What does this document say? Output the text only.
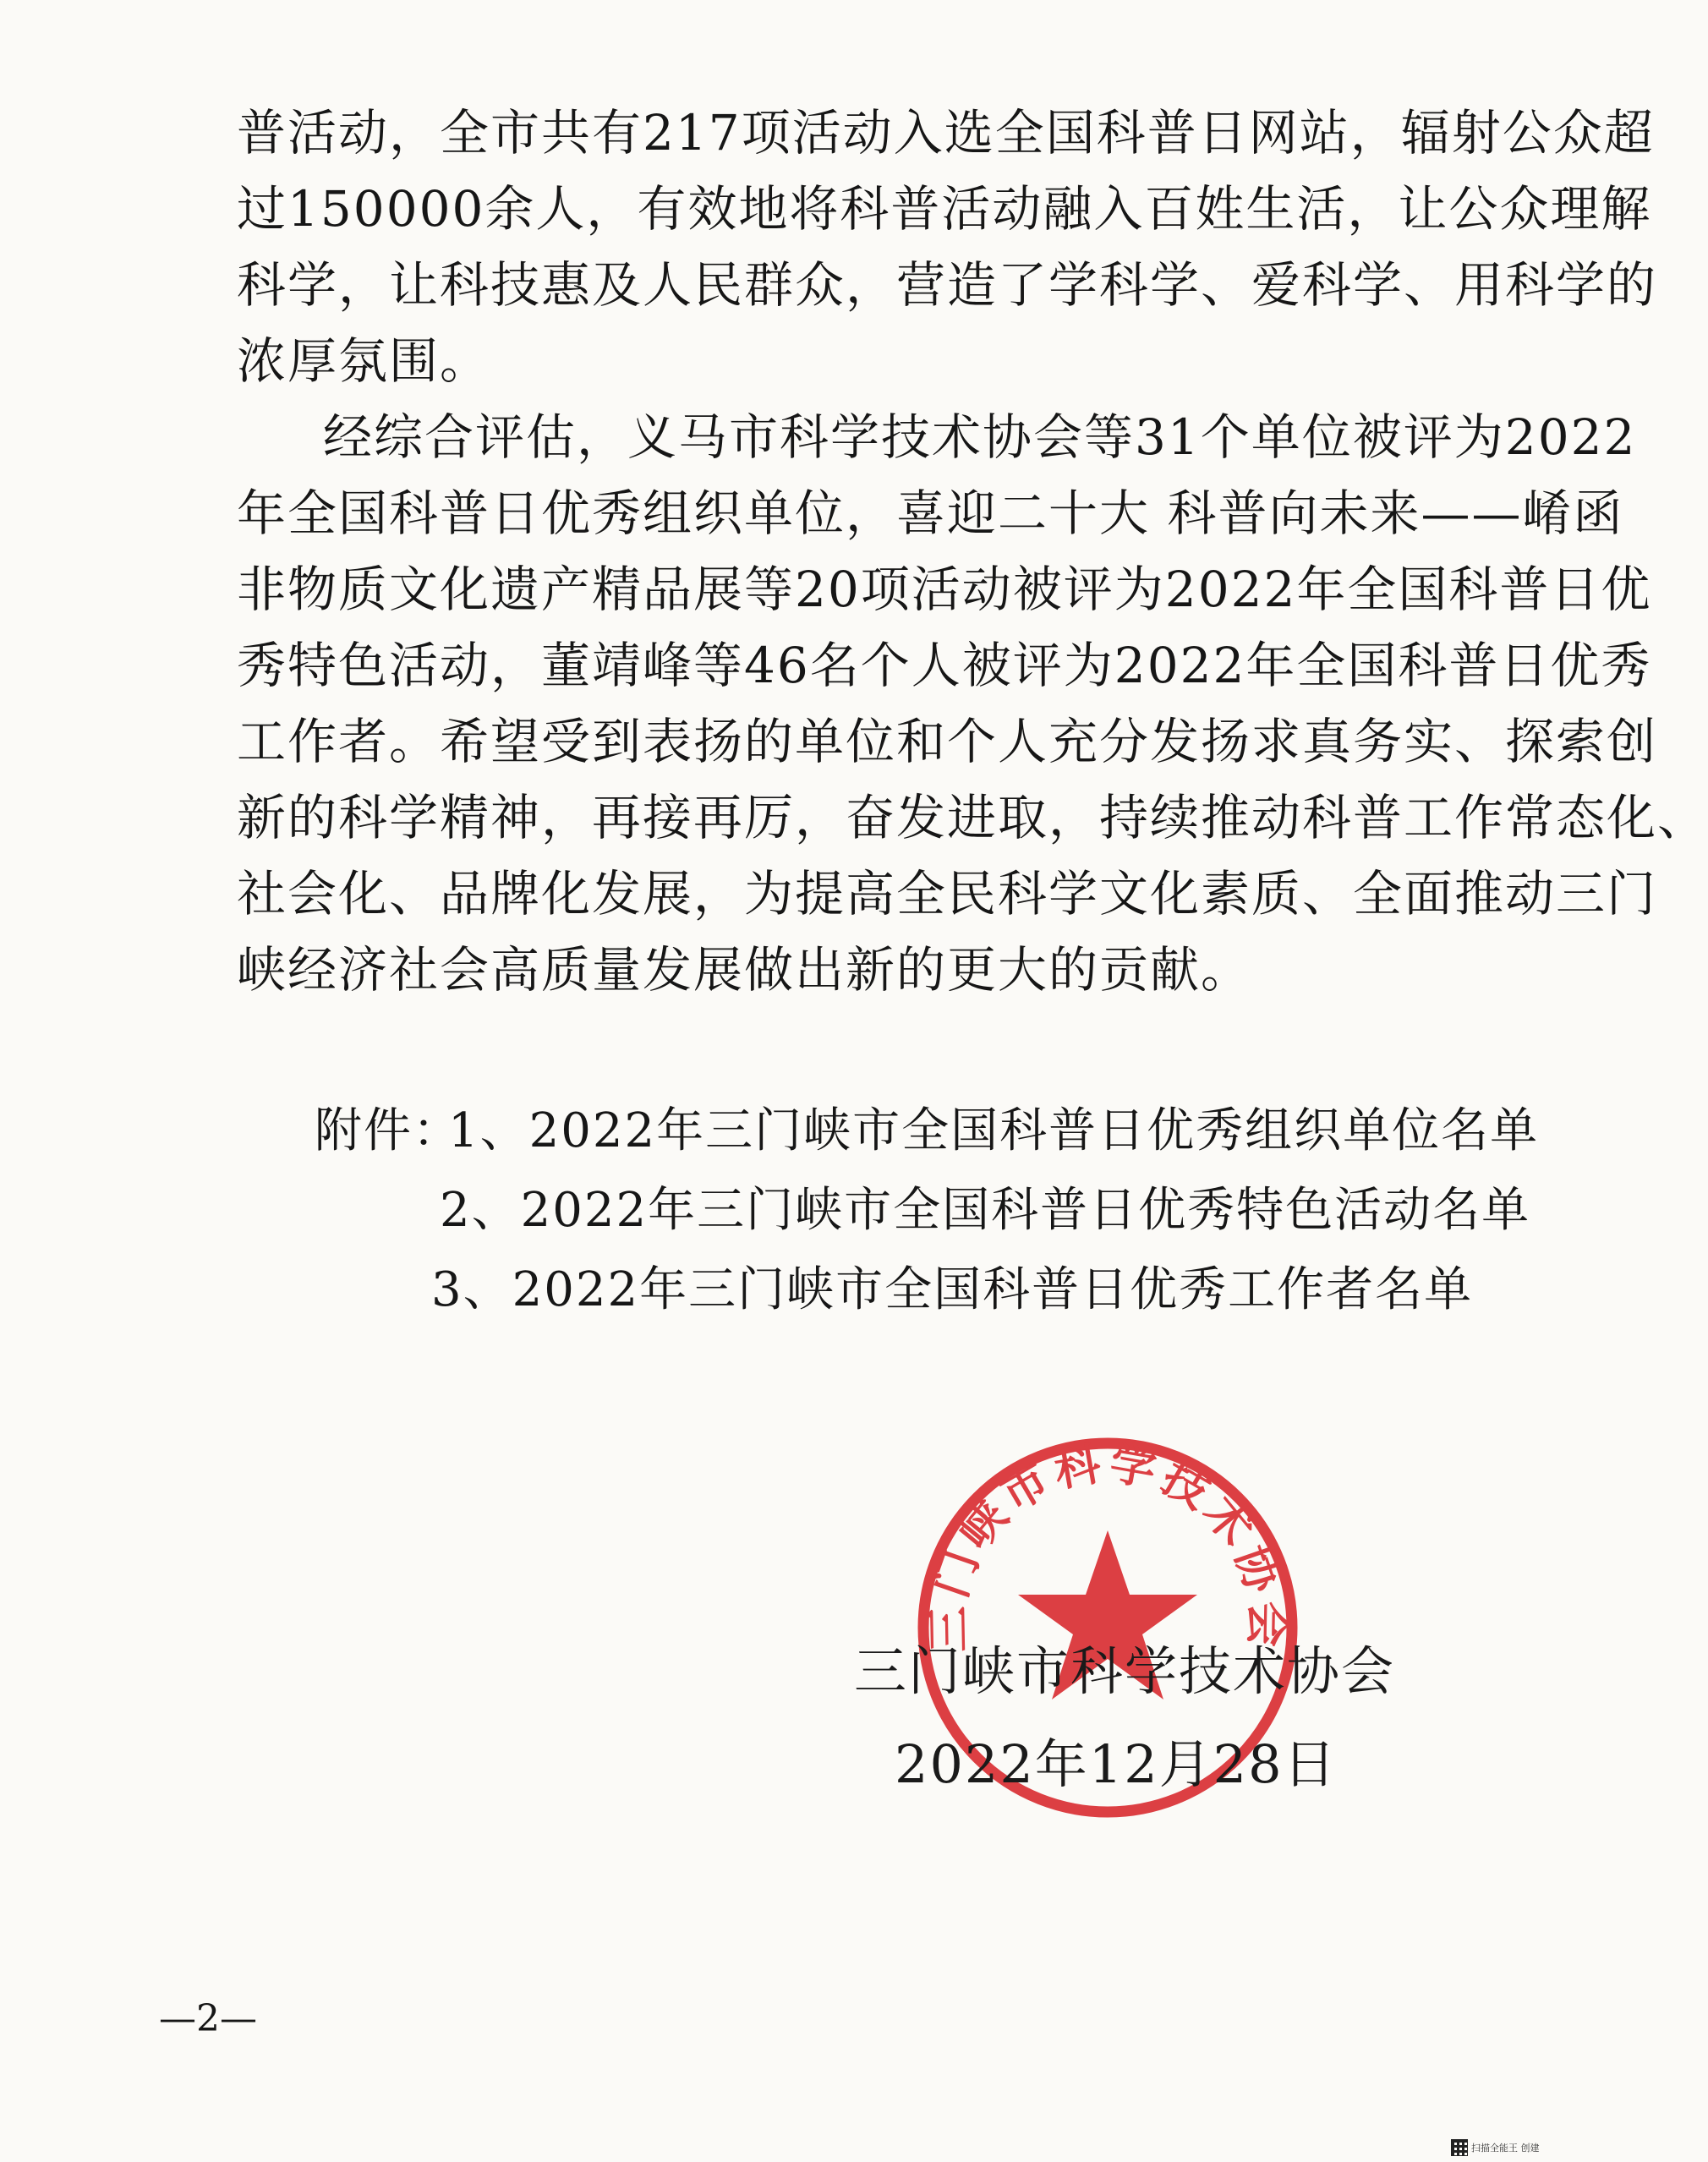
普活动，全市共有217项活动入选全国科普日网站，辐射公众超
过150000余人，有效地将科普活动融入百姓生活，让公众理解
科学，让科技惠及人民群众，营造了学科学、爱科学、用科学的
浓厚氛围。
经综合评估，义马市科学技术协会等31个单位被评为2022
年全国科普日优秀组织单位，喜迎二十大 科普向未来——崤函
非物质文化遗产精品展等20项活动被评为2022年全国科普日优
秀特色活动，董靖峰等46名个人被评为2022年全国科普日优秀
工作者。希望受到表扬的单位和个人充分发扬求真务实、探索创
新的科学精神，再接再厉，奋发进取，持续推动科普工作常态化、
社会化、品牌化发展，为提高全民科学文化素质、全面推动三门
峡经济社会高质量发展做出新的更大的贡献。
附件：
1、2022年三门峡市全国科普日优秀组织单位名单
2、2022年三门峡市全国科普日优秀特色活动名单
3、2022年三门峡市全国科普日优秀工作者名单
三门峡市科学技术协会
三门峡市科学技术协会
2022年12月28日
—2—
扫描全能王 创建
